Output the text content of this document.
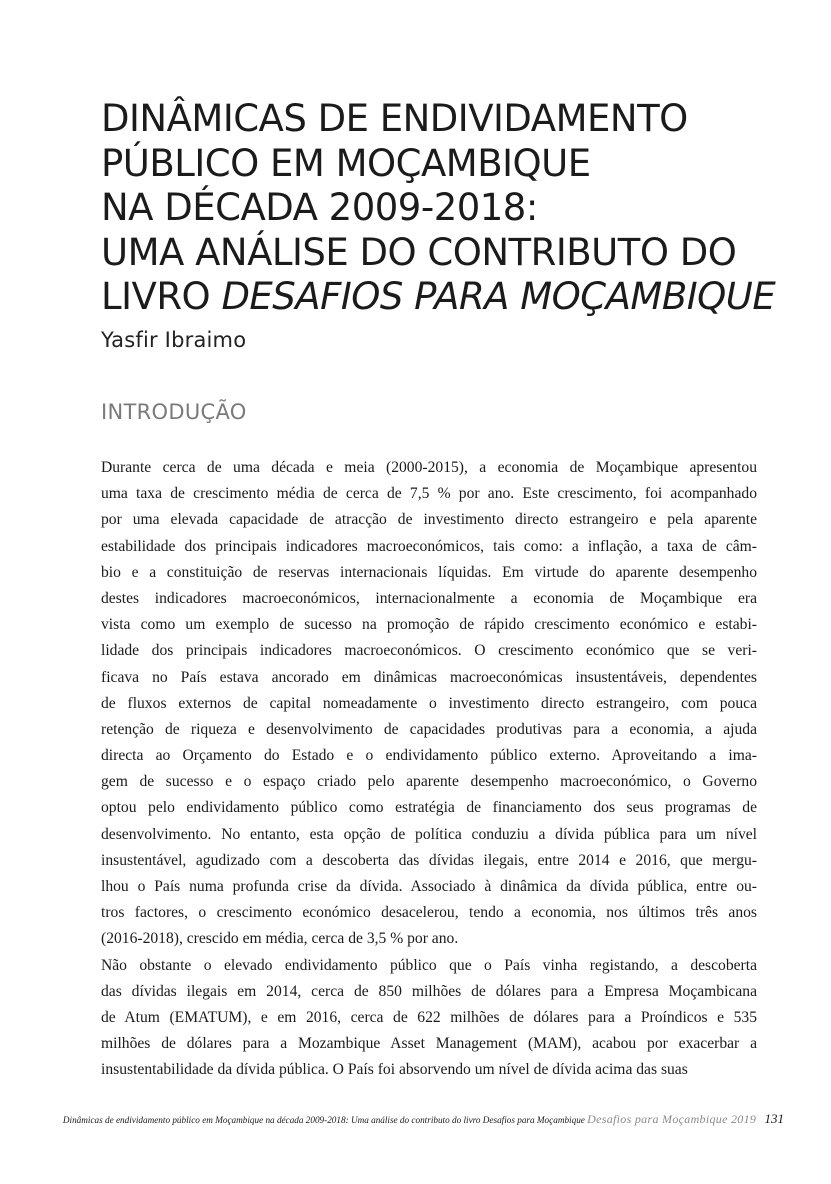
DINÂMICAS DE ENDIVIDAMENTO
PÚBLICO EM MOÇAMBIQUE
NA DÉCADA 2009-2018:
UMA ANÁLISE DO CONTRIBUTO DO
LIVRO DESAFIOS PARA MOÇAMBIQUE
Yasfir Ibraimo
INTRODUÇÃO
Durante cerca de uma década e meia (2000-2015), a economia de Moçambique apresentou
uma taxa de crescimento média de cerca de 7,5 % por ano. Este crescimento, foi acompanhado
por uma elevada capacidade de atracção de investimento directo estrangeiro e pela aparente
estabilidade dos principais indicadores macroeconómicos, tais como: a inflação, a taxa de câm-
bio e a constituição de reservas internacionais líquidas. Em virtude do aparente desempenho
destes indicadores macroeconómicos, internacionalmente a economia de Moçambique era
vista como um exemplo de sucesso na promoção de rápido crescimento económico e estabi-
lidade dos principais indicadores macroeconómicos. O crescimento económico que se veri-
ficava no País estava ancorado em dinâmicas macroeconómicas insustentáveis, dependentes
de fluxos externos de capital nomeadamente o investimento directo estrangeiro, com pouca
retenção de riqueza e desenvolvimento de capacidades produtivas para a economia, a ajuda
directa ao Orçamento do Estado e o endividamento público externo. Aproveitando a ima-
gem de sucesso e o espaço criado pelo aparente desempenho macroeconómico, o Governo
optou pelo endividamento público como estratégia de financiamento dos seus programas de
desenvolvimento. No entanto, esta opção de política conduziu a dívida pública para um nível
insustentável, agudizado com a descoberta das dívidas ilegais, entre 2014 e 2016, que mergu-
lhou o País numa profunda crise da dívida. Associado à dinâmica da dívida pública, entre ou-
tros factores, o crescimento económico desacelerou, tendo a economia, nos últimos três anos
(2016-2018), crescido em média, cerca de 3,5 % por ano.
Não obstante o elevado endividamento público que o País vinha registando, a descoberta
das dívidas ilegais em 2014, cerca de 850 milhões de dólares para a Empresa Moçambicana
de Atum (EMATUM), e em 2016, cerca de 622 milhões de dólares para a Proíndicos e 535
milhões de dólares para a Mozambique Asset Management (MAM), acabou por exacerbar a
insustentabilidade da dívida pública. O País foi absorvendo um nível de dívida acima das suas
Dinâmicas de endividamento público em Moçambique na década 2009-2018: Uma análise do contributo do livro Desafios para Moçambique Desafios para Moçambique 2019 131
